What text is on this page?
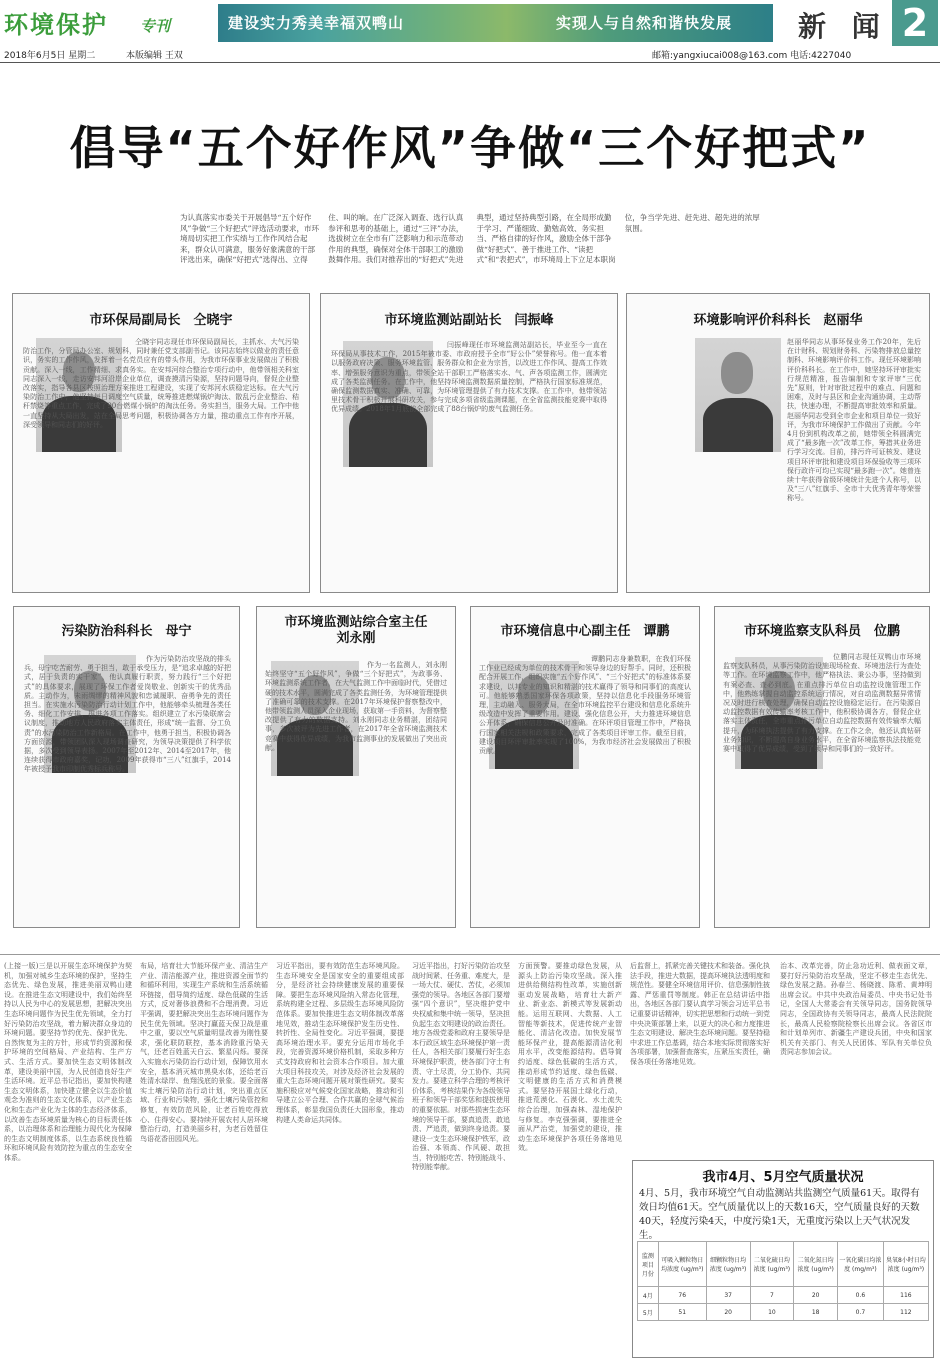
环境保护 专刊	建设实力秀美幸福双鸭山	实现人与自然和谐快发展 新 闻 2
2018年6月5日 星期二	本版编辑 王双	邮箱:yangxiucai008@163.com 电话:4227040
倡导“五个好作风”争做“三个好把式”
为认真落实市委关于开展倡导“五个好作风”争做“三个好把式”评选活动要求，市环境局切实把工作实绩与工作作风结合起来，群众认可满意，服务好象满意的干部评选出来，确保“好把式”选得出、立得住、叫的响。在广泛深入调查、选行认真参评和思考的基础上，通过“三评”办法，选拔树立在全市有广泛影响力和示范带动作用的典型，确保对全体干部职工的激励鼓舞作用。我们对推荐出的“好把式”先进典型，通过坚持典型引路，在全局形成勤于学习、严谨细致、勤勉高效、务实担当、严格自律的好作风，激励全体干部争做“好把式”、善于推进工作、“读把式”和“表把式”，市环境局上下立足本职岗位，争当学先进、赶先进、超先进的浓厚氛围。
市环保局副局长　仝晓宇
仝晓宇同志现任市环保局副局长，主抓水、大气污染防治工作，分管局办公室、规划科，同时兼任党支部副书记。该同志始终以做业的责任意识，务实的工作作风，发挥着一名党员应有的带头作用，为我市环保事业发展做出了积极贡献。深入一线，工作精细、求真务实。在安邦河综合整治专项行动中，他带领相关科室同志深入一线，走访安邦河沿岸企业单位，调查摸清污染源，坚持问题导向，督促企业整改落实，指导各县区按照治理方案推进工程建设，实现了安邦河水质稳定达标。在大气污染防治工作中，他坚持每日调度空气质量，统筹推进燃煤锅炉淘汰、散乱污企业整治、秸秆禁烧等重点工作，完成了90台燃煤小锅炉的淘汰任务。务实担当，服务大局。工作中他一直坚持从大局出发，站在全局思考问题，积极协调各方力量，推动重点工作有序开展，深受领导和同志们的好评。
市环境监测站副站长　闫振峰
闫振峰现任市环境监测站副站长，毕业至今一直在环保局从事技术工作，2015年被市委、市政府授予全市“好公仆”荣誉称号。他一直本着以服务政府决策、服务环境监管、服务群众和企业为宗旨，以改进工作作风、提高工作效率、增强服务意识为重点，带领全站干部职工严格落实水、气、声各项监测工作，圆满完成了各类监测任务。在工作中，他坚持环境监测数据质量控制，严格执行国家标准规范，确保监测数据真实、准确、可靠，为环境管理提供了有力技术支撑。在工作中，他带领站里技术骨干积极开展科研攻关，参与完成多项省级监测课题，在全省监测技能竞赛中取得优异成绩。2018年1月底前全部完成了88台锅炉的废气监测任务。
环境影响评价科科长　赵丽华
赵丽华同志从事环保业务工作20年，先后在计财科、规划财务科、污染物排放总量控制科、环境影响评价科工作。现任环境影响评价科科长。在工作中，她坚持环评审批实行规范精准，报告编制和专家评审“三优先”原则，针对审批过程中的难点、问题和困难，及时与县区和企业沟通协调，主动帮扶，快速办理，不断提高审批效率和质量。赵丽华同志受到全市企业和项目单位一致好评，为我市环境保护工作做出了贡献。今年4月份到机构改革之前，她带领全科圆满完成了“最多跑一次”改革工作，筹措其业务进行学习交流。目前，排污许可证核发、建设项目环评审批和建设项目环保验收等三项环保行政许可均已实现“最多跑一次”。她曾连续十年获得省级环境统计先进个人称号，以及“三八”红旗手、全市十大优秀青年等荣誉称号。
污染防治科科长　母宁
作为污染防治攻坚战的排头兵，母宁吃苦耐劳、勇于担当，敢于承受压力，是“追求卓越的好把式，居于负责的实干家”，他认真履行职责，努力践行“三个好把式”的具体要求，展现了环保工作者爱岗敬业、创新实干的优秀品质。主动作为，未雨绸缪的精神风貌和忠诚履职、奋勇争先的责任担当。在实施水污染防治行动计划工作中，他能够牵头梳理各类任务、细化工作安排，推进各项工作落实。组织建立了水污染联席会议制度，推动地方人民政府落实主体责任，形成“统一监督、分工负责”的水污染防治工作新格局。在工作中，他勇于担当，积极协调各方面资源，带领团队深入现场调查研究，为领导决策提供了科学依据，多次受到领导表扬。2007年至2012年、2014至2017年，他连续获得市政府嘉奖，记功，2009年获得市“三八”红旗手，2014年被授予我市印制优秀标兵称号。
市环境监测站综合室主任　刘永刚
作为一名监测人，刘永刚始终坚守“五个好作风”，争做“三个好把式”，为政事务、环境监测系统工作者，在大气监测工作中面临时代，凭借过硬的技术水平，圆满完成了各类监测任务，为环境管理提供了准确可靠的技术支撑。在2017年环境保护督察整改中，他带领监测人员深入企业现场，获取第一手资料，为督察整改提供了有力的数据支持。刘永刚同志业务精湛，团结同事，多次被评为先进工作者，在2017年全省环境监测技术竞赛中获得优异成绩，为我市监测事业的发展做出了突出贡献。
市环境信息中心副主任　谭鹏
谭鹏同志身兼数职，在我们环保工作业已经成为单位的技术骨干和领导身边的好帮手。同时，还积极配合开展工作，组织实施“五个好作风”、“三个好把式”的标准体系要求建设，以其专业的知识和精湛的技术赢得了领导和同事们的高度认可。他能够熟悉国家环保各项政策，坚持以信息化手段服务环境管理，主动融入、服务大局，在全市环境监控平台建设和信息化系统升级改造中发挥了重要作用。建设、强化信息公开，大力推进环境信息公开体系，确保信息公开及时准确。在环评项目管理工作中，严格执行国家相关法规和政策要求，完成了各类项目评审工作。截至目前，建设项目环评审批率实现了100%，为我市经济社会发展做出了积极贡献。
市环境监察支队科员　位鹏
位鹏同志现任双鸭山市环境监察支队科员，从事污染防治设施现场检查、环境违法行为查处等工作。在环境监察工作中，他严格执法、秉公办事，坚持做到有案必查、查必到底。在重点排污单位自动监控设施管理工作中，他熟练掌握自动监控系统运行情况，对自动监测数据异常情况及时进行核查处理，确保自动监控设施稳定运行。在污染源自动监控数据有效传输率考核工作中，他积极协调各方，督促企业落实主体责任，全市重点排污单位自动监控数据有效传输率大幅提升，为环境执法提供了有力支撑。在工作之余，他还认真钻研业务知识，不断提高自身业务水平，在全省环境监察执法技能竞赛中取得了优异成绩，受到了领导和同事们的一致好评。
(上接一版)三是以开展生态环境保护为契机，加强对城乡生态环境的保护，坚持生态优先、绿色发展，推进美丽双鸭山建设。在推进生态文明建设中，我们始终坚持以人民为中心的发展思想，把解决突出生态环境问题作为民生优先领域，全力打好污染防治攻坚战，着力解决群众身边的环境问题。要坚持节约优先、保护优先、自然恢复为主的方针，形成节约资源和保护环境的空间格局、产业结构、生产方式、生活方式。要加快生态文明体制改革，建设美丽中国，为人民创造良好生产生活环境。近平总书记指出，要加快构建生态文明体系，加快建立健全以生态价值观念为准则的生态文化体系，以产业生态化和生态产业化为主体的生态经济体系，以改善生态环境质量为核心的目标责任体系，以治理体系和治理能力现代化为保障的生态文明制度体系，以生态系统良性循环和环境风险有效防控为重点的生态安全体系。
布局，培育壮大节能环保产业、清洁生产产业、清洁能源产业，推进资源全面节约和循环利用，实现生产系统和生活系统循环链接，倡导简约适度、绿色低碳的生活方式，反对奢侈浪费和不合理消费。习近平强调，要把解决突出生态环境问题作为民生优先领域。坚决打赢蓝天保卫战是重中之重，要以空气质量明显改善为刚性要求，强化联防联控，基本消除重污染天气，还老百姓蓝天白云、繁星闪烁。要深入实施水污染防治行动计划，保障饮用水安全，基本消灭城市黑臭水体，还给老百姓清水绿岸、鱼翔浅底的景象。要全面落实土壤污染防治行动计划，突出重点区域、行业和污染物，强化土壤污染管控和修复，有效防范风险，让老百姓吃得放心、住得安心。要持续开展农村人居环境整治行动，打造美丽乡村，为老百姓留住鸟语花香田园风光。
习近平指出，要有效防范生态环境风险。生态环境安全是国家安全的重要组成部分，是经济社会持续健康发展的重要保障。要把生态环境风险纳入常态化管理，系统构建全过程、多层级生态环境风险防范体系。要加快推进生态文明体制改革落地见效，推动生态环境保护发生历史性、转折性、全局性变化。习近平强调，要提高环境治理水平。要充分运用市场化手段，完善资源环境价格机制，采取多种方式支持政府和社会资本合作项目。加大重大项目科技攻关，对涉及经济社会发展的重大生态环境问题开展对策性研究。要实施积极应对气候变化国家战略，推动和引导建立公平合理、合作共赢的全球气候治理体系，彰显我国负责任大国形象，推动构建人类命运共同体。
习近平指出，打好污染防治攻坚战时间紧、任务重、难度大，是一场大仗、硬仗、苦仗，必须加强党的领导。各地区各部门要增强“四个意识”，坚决维护党中央权威和集中统一领导，坚决担负起生态文明建设的政治责任。地方各级党委和政府主要领导是本行政区域生态环境保护第一责任人，各相关部门要履行好生态环境保护职责，使各部门守土有责、守土尽责，分工协作、共同发力。要建立科学合理的考核评价体系，考核结果作为各级领导班子和领导干部奖惩和提拔使用的重要依据。对那些损害生态环境的领导干部，要真追责、敢追责、严追责，做到终身追责。要建设一支生态环境保护铁军，政治强、本领高、作风硬、敢担当，特别能吃苦、特别能战斗、特别能奉献。
方面预警。要推动绿色发展，从源头上防治污染攻坚战。深入推进供给侧结构性改革，实施创新驱动发展战略，培育壮大新产业、新业态、新模式等发展新动能。运用互联网、大数据、人工智能等新技术，促进传统产业智能化、清洁化改造。加快发展节能环保产业，提高能源清洁化利用水平，改变能源结构。倡导简约适度、绿色低碳的生活方式，推动形成节约适度、绿色低碳、文明健康的生活方式和消费模式。要坚持开展国土绿化行动，推进荒漠化、石漠化、水土流失综合治理，加强森林、湿地保护与修复。李克强强调，要推进全面从严治党，加强党的建设，推动生态环境保护各项任务落地见效。
后监督上，抓紧完善关键技术和装备。强化执法手段，推进大数据，提高环境执法透明度和规范性。要健全环境信用评价、信息强制性披露、严惩重罚等制度。韩正在总结讲话中指出，各地区各部门要认真学习领会习近平总书记重要讲话精神，切实把思想和行动统一到党中央决策部署上来，以更大的决心和力度推进生态文明建设、解决生态环境问题。要坚持稳中求进工作总基调，结合本地实际贯彻落实好各项部署，加强督查落实，压紧压实责任，确保各项任务落地见效。
治本、改革完善，防止急功近利、做表面文章，要打好污染防治攻坚战，坚定不移走生态优先、绿色发展之路。孙春兰、杨晓渡、陈希、黄坤明出席会议。中共中央政治局委员、中央书记处书记，全国人大常委会有关领导同志，国务院领导同志，全国政协有关领导同志，最高人民法院院长，最高人民检察院检察长出席会议。各省区市和计划单列市、新疆生产建设兵团，中央和国家机关有关部门、有关人民团体、军队有关单位负责同志参加会议。
我市4月、5月空气质量状况
4月、5月，我市环境空气自动监测站共监测空气质量61天。取得有效日均值61天。空气质量优以上的天数16天，空气质量良好的天数40天，轻度污染4天，中度污染1天，无重度污染以上天气状况发生。
监测项目 月份	可吸入颗粒物日均浓度 (ug/m³)	细颗粒物日均浓度 (ug/m³)	二氧化硫日均浓度 (ug/m³)	二氧化氮日均浓度 (ug/m³)	一氧化碳日均浓度 (mg/m³)	臭氧8小时日均浓度 (ug/m³)
4月	76	37	7	20	0.6	116
5月	51	20	10	18	0.7	112
